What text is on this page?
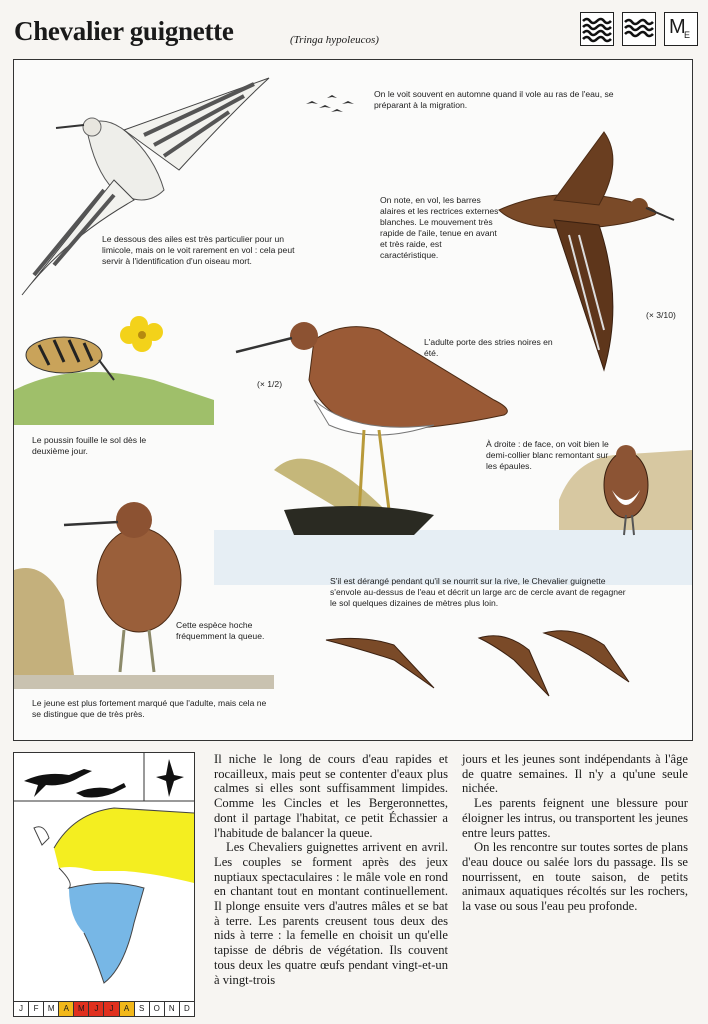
Chevalier guignette	(Tringa hypoleucos)
M
E
On le voit souvent en automne quand il vole au ras de l'eau, se préparant à la migration.
Le dessous des ailes est très particulier pour un limicole, mais on le voit rarement en vol : cela peut servir à l'identification d'un oiseau mort.
On note, en vol, les barres alaires et les rectrices externes blanches. Le mouvement très rapide de l'aile, tenue en avant et très raide, est caractéristique.
(× 3/10)
L'adulte porte des stries noires en été.
(× 1/2)
Le poussin fouille le sol dès le deuxième jour.
À droite : de face, on voit bien le demi-collier blanc remontant sur les épaules.
S'il est dérangé pendant qu'il se nourrit sur la rive, le Chevalier guignette s'envole au-dessus de l'eau et décrit un large arc de cercle avant de regagner le sol quelques dizaines de mètres plus loin.
Cette espèce hoche fréquemment la queue.
Le jeune est plus fortement marqué que l'adulte, mais cela ne se distingue que de très près.
J	F	M	A	M	J	J	A	S	O	N	D

Il niche le long de cours d'eau rapides et rocailleux, mais peut se contenter d'eaux plus calmes si elles sont suffisamment limpides. Comme les Cincles et les Bergeronnettes, dont il partage l'habitat, ce petit Échassier a l'habitude de balancer la queue.

Les Chevaliers guignettes arrivent en avril. Les couples se forment après des jeux nuptiaux spectaculaires : le mâle vole en rond en chantant tout en montant continuellement. Il plonge ensuite vers d'autres mâles et se bat à terre. Les parents creusent tous deux des nids à terre : la femelle en choisit un qu'elle tapisse de débris de végétation. Ils couvent tous deux les quatre œufs pendant vingt-et-un à vingt-trois

jours et les jeunes sont indépendants à l'âge de quatre semaines. Il n'y a qu'une seule nichée.

Les parents feignent une blessure pour éloigner les intrus, ou transportent les jeunes entre leurs pattes.

On les rencontre sur toutes sortes de plans d'eau douce ou salée lors du passage. Ils se nourrissent, en toute saison, de petits animaux aquatiques récoltés sur les rochers, la vase ou sous l'eau peu profonde.
